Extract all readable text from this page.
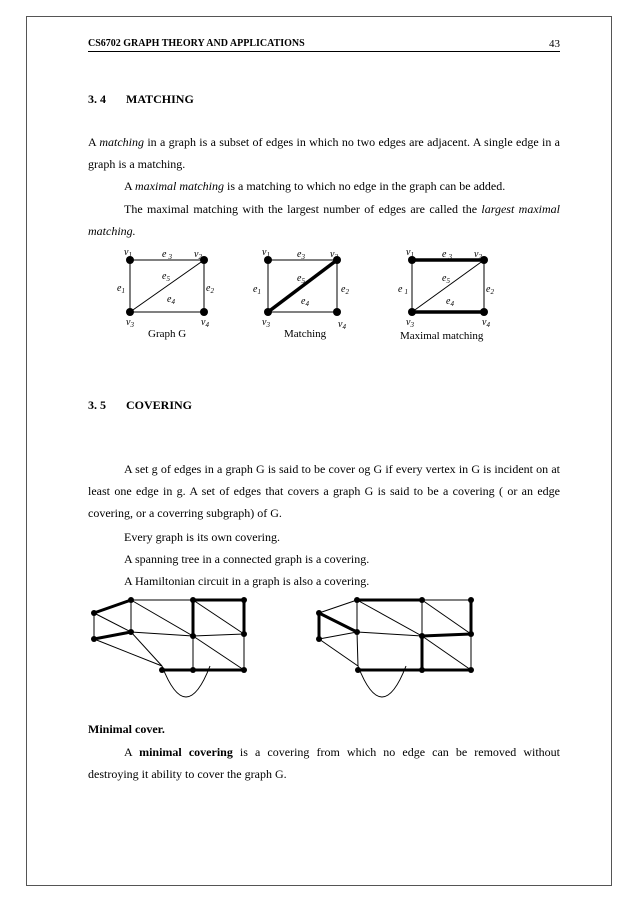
CS6702 GRAPH THEORY AND APPLICATIONS	43
3. 4 MATCHING

A matching in a graph is a subset of edges in which no two edges are adjacent. A single edge in a graph is a matching.

A maximal matching is a matching to which no edge in the graph can be added.

The maximal matching with the largest number of edges are called the largest maximal matching.

$v_1$	e $_3$ $v_2$
$e_5$
$e_1$	$e_2$
$e_4$
$v_3$	$v_4$
Graph G
$v_1$	$e_3$	$v_2$
$e_5$
$e_1$	$e_2$
$e_4$
$v_3$	$v_4$
Matching
$v_1$	e $_3$ $v_2$
$e_5$
e $_1$	$e_2$
$e_4$
$v_3$	$v_4$
Maximal matching
3. 5 COVERING

A set g of edges in a graph G is said to be cover og G if every vertex in G is incident on at least one edge in g. A set of edges that covers a graph G is said to be a covering ( or an edge covering, or a coverring subgraph) of G.

Every graph is its own covering.
A spanning tree in a connected graph is a covering.
A Hamiltonian circuit in a graph is also a covering.
Minimal cover.

A minimal covering is a covering from which no edge can be removed without destroying it ability to cover the graph G.
